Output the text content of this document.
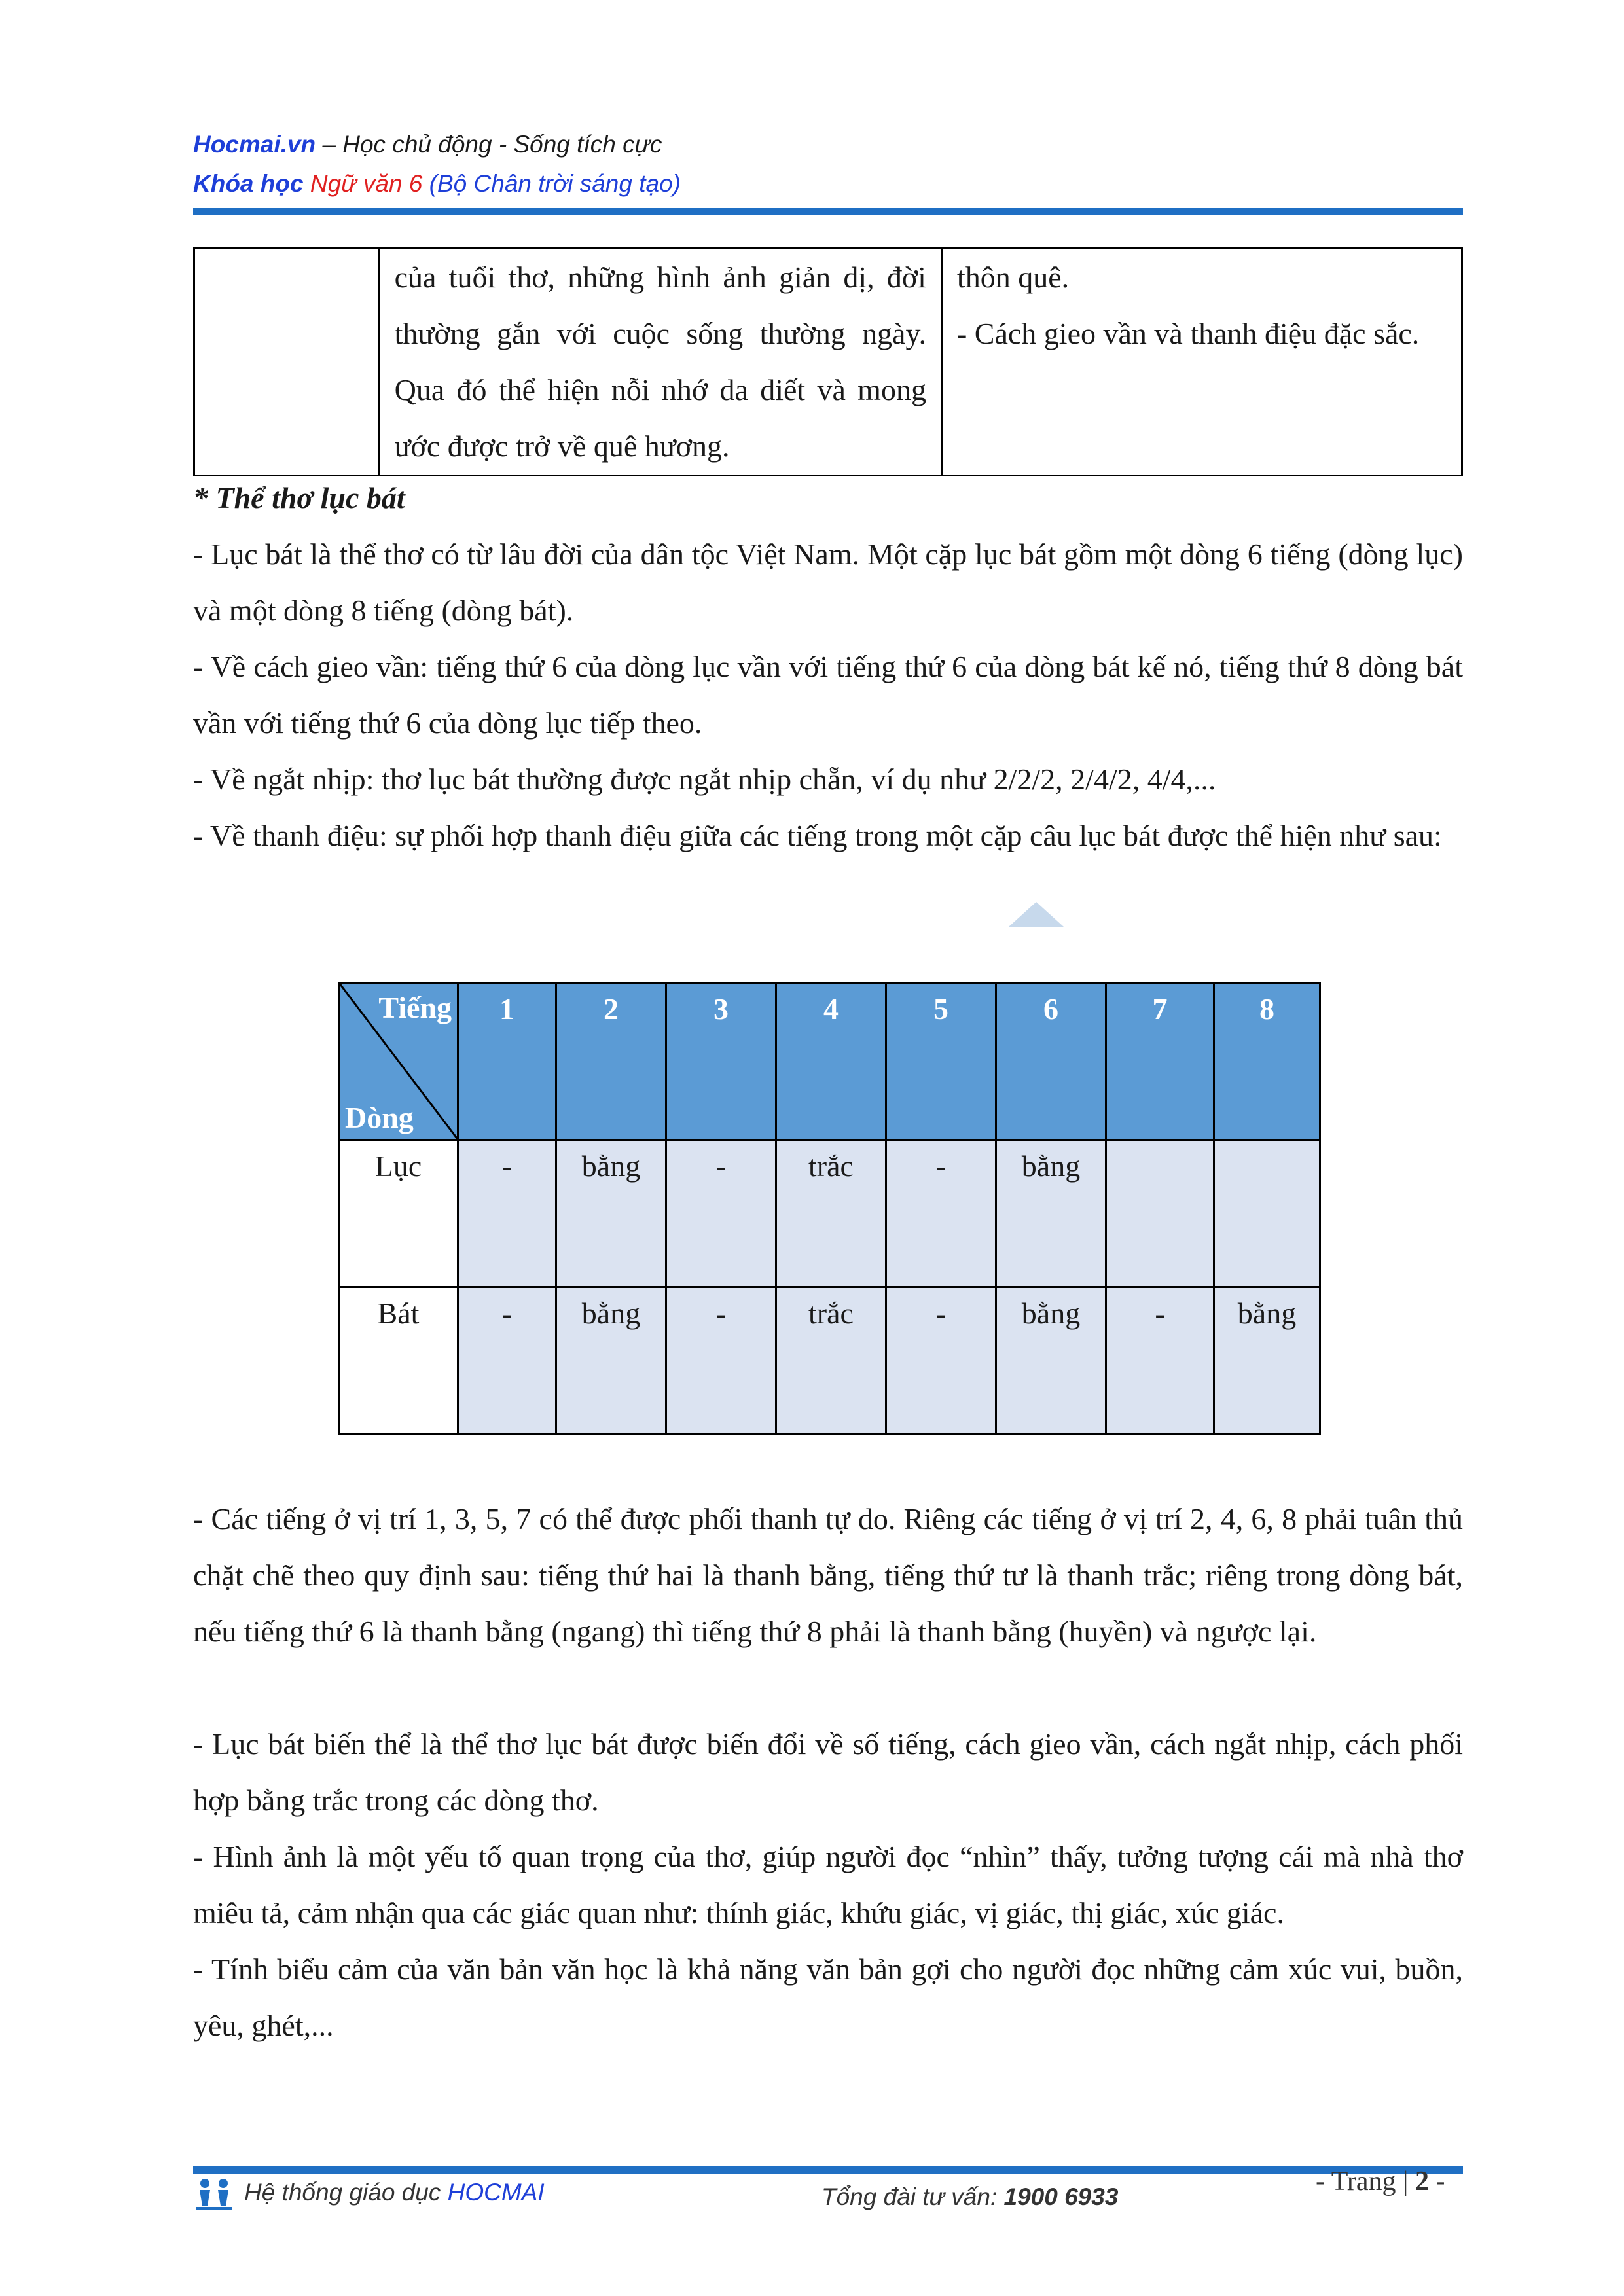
Hocmai.vn – Học chủ động - Sống tích cực
Khóa học Ngữ văn 6 (Bộ Chân trời sáng tạo)
	của tuổi thơ, những hình ảnh giản dị, đời thường gắn với cuộc sống thường ngày. Qua đó thể hiện nỗi nhớ da diết và mong ước được trở về quê hương.	
thôn quê.
- Cách gieo vần và thanh điệu đặc sắc.

* Thể thơ lục bát

- Lục bát là thể thơ có từ lâu đời của dân tộc Việt Nam. Một cặp lục bát gồm một dòng 6 tiếng (dòng lục) và một dòng 8 tiếng (dòng bát).

- Về cách gieo vần: tiếng thứ 6 của dòng lục vần với tiếng thứ 6 của dòng bát kế nó, tiếng thứ 8 dòng bát vần với tiếng thứ 6 của dòng lục tiếp theo.

- Về ngắt nhịp: thơ lục bát thường được ngắt nhịp chẵn, ví dụ như 2/2/2, 2/4/2, 4/4,...

- Về thanh điệu: sự phối hợp thanh điệu giữa các tiếng trong một cặp câu lục bát được thể hiện như sau:

Tiếng
Dòng	1	2	3	4	5	6	7	8
Lục	-	bằng	-	trắc	-	bằng		
Bát	-	bằng	-	trắc	-	bằng	-	bằng

- Các tiếng ở vị trí 1, 3, 5, 7 có thể được phối thanh tự do. Riêng các tiếng ở vị trí 2, 4, 6, 8 phải tuân thủ chặt chẽ theo quy định sau: tiếng thứ hai là thanh bằng, tiếng thứ tư là thanh trắc; riêng trong dòng bát, nếu tiếng thứ 6 là thanh bằng (ngang) thì tiếng thứ 8 phải là thanh bằng (huyền) và ngược lại.

- Lục bát biến thể là thể thơ lục bát được biến đổi về số tiếng, cách gieo vần, cách ngắt nhịp, cách phối hợp bằng trắc trong các dòng thơ.

- Hình ảnh là một yếu tố quan trọng của thơ, giúp người đọc “nhìn” thấy, tưởng tượng cái mà nhà thơ miêu tả, cảm nhận qua các giác quan như: thính giác, khứu giác, vị giác, thị giác, xúc giác.

- Tính biểu cảm của văn bản văn học là khả năng văn bản gợi cho người đọc những cảm xúc vui, buồn, yêu, ghét,...

Hệ thống giáo dục HOCMAI	Tổng đài tư vấn: 1900 6933
- Trang | 2 -
